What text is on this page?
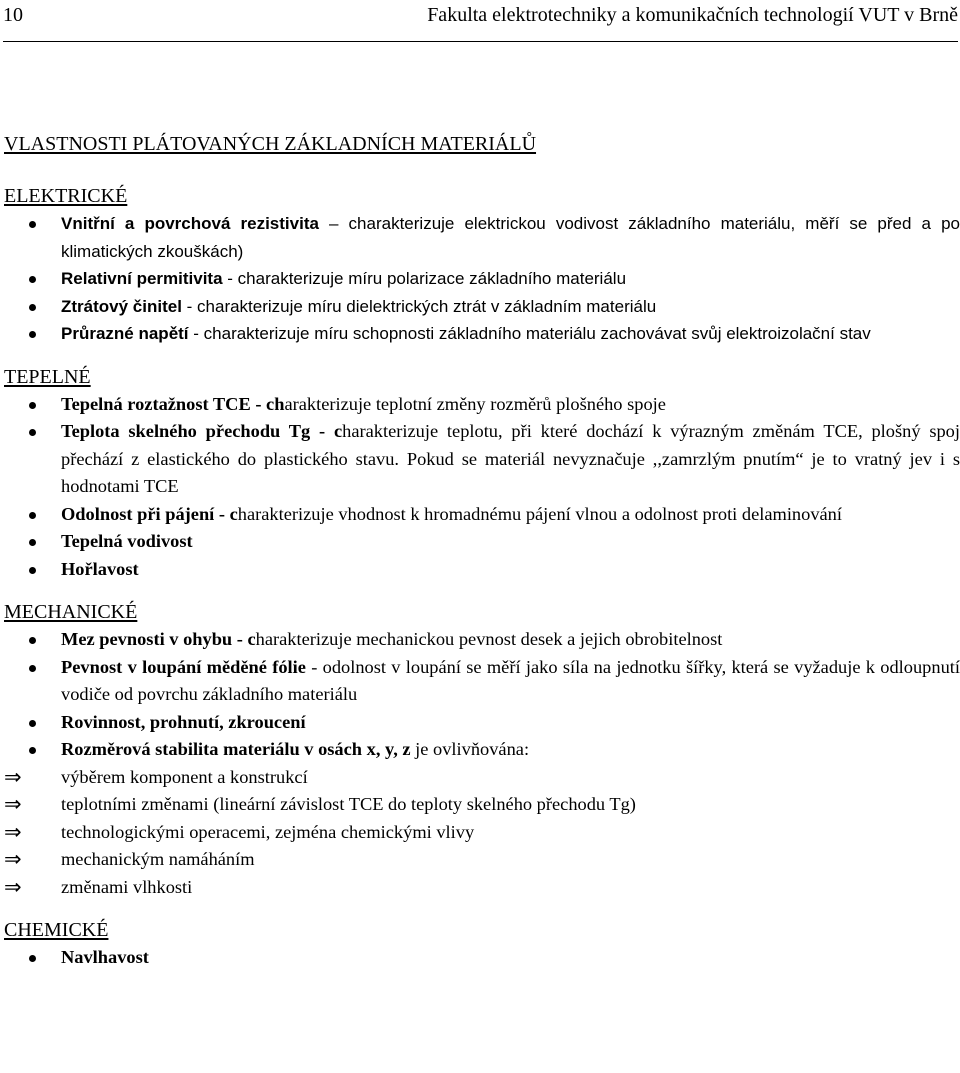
10	Fakulta elektrotechniky a komunikačních technologií VUT v Brně
VLASTNOSTI PLÁTOVANÝCH ZÁKLADNÍCH MATERIÁLŮ
ELEKTRICKÉ
Vnitřní a povrchová rezistivita – charakterizuje elektrickou vodivost základního materiálu, měří se před a po klimatických zkouškách)
Relativní permitivita - charakterizuje míru polarizace základního materiálu
Ztrátový činitel - charakterizuje míru dielektrických ztrát v základním materiálu
Průrazné napětí - charakterizuje míru schopnosti základního materiálu zachovávat svůj elektroizolační stav
TEPELNÉ
Tepelná roztažnost TCE - charakterizuje teplotní změny rozměrů plošného spoje
Teplota skelného přechodu Tg - charakterizuje teplotu, při které dochází k výrazným změnám TCE, plošný spoj přechází z elastického do plastického stavu. Pokud se materiál nevyznačuje ,,zamrzlým pnutím“ je to vratný jev i s hodnotami TCE
Odolnost při pájení - charakterizuje vhodnost k hromadnému pájení vlnou a odolnost proti delaminování
Tepelná vodivost
Hořlavost
MECHANICKÉ
Mez pevnosti v ohybu - charakterizuje mechanickou pevnost desek a jejich obrobitelnost
Pevnost v loupání měděné fólie - odolnost v loupání se měří jako síla na jednotku šířky, která se vyžaduje k odloupnutí vodiče od povrchu základního materiálu
Rovinnost, prohnutí, zkroucení
Rozměrová stabilita materiálu v osách x, y, z je ovlivňována:
⇒ výběrem komponent a konstrukcí
⇒ teplotními změnami (lineární závislost TCE do teploty skelného přechodu Tg)
⇒ technologickými operacemi, zejména chemickými vlivy
⇒ mechanickým namáháním
⇒ změnami vlhkosti
CHEMICKÉ
Navlhavost
